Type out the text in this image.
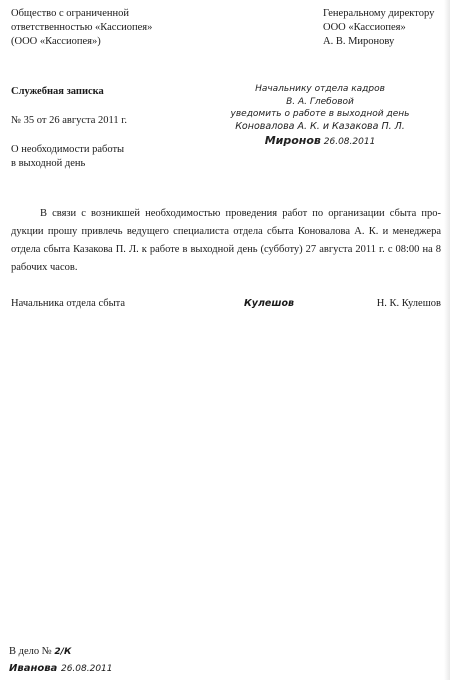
Общество с ограниченной
ответственностью «Кассиопея»
(ООО «Кассиопея»)
Генеральному директору
ООО «Кассиопея»
А. В. Миронову
Служебная записка
№ 35 от 26 августа 2011 г.
О необходимости работы
в выходной день
Начальнику отдела кадров
В. А. Глебовой
уведомить о работе в выходной день
Коновалова А. К. и Казакова П. Л.
Миронов 26.08.2011
В связи с возникшей необходимостью проведения работ по организации сбыта продукции прошу привлечь ведущего специалиста отдела сбыта Коновалова А. К. и менеджера отдела сбыта Казакова П. Л. к работе в выходной день (субботу) 27 августа 2011 г. с 08:00 на 8 рабочих часов.
Начальника отдела сбыта	Кулешов	Н. К. Кулешов
В дело № 2/К
Иванова 26.08.2011
